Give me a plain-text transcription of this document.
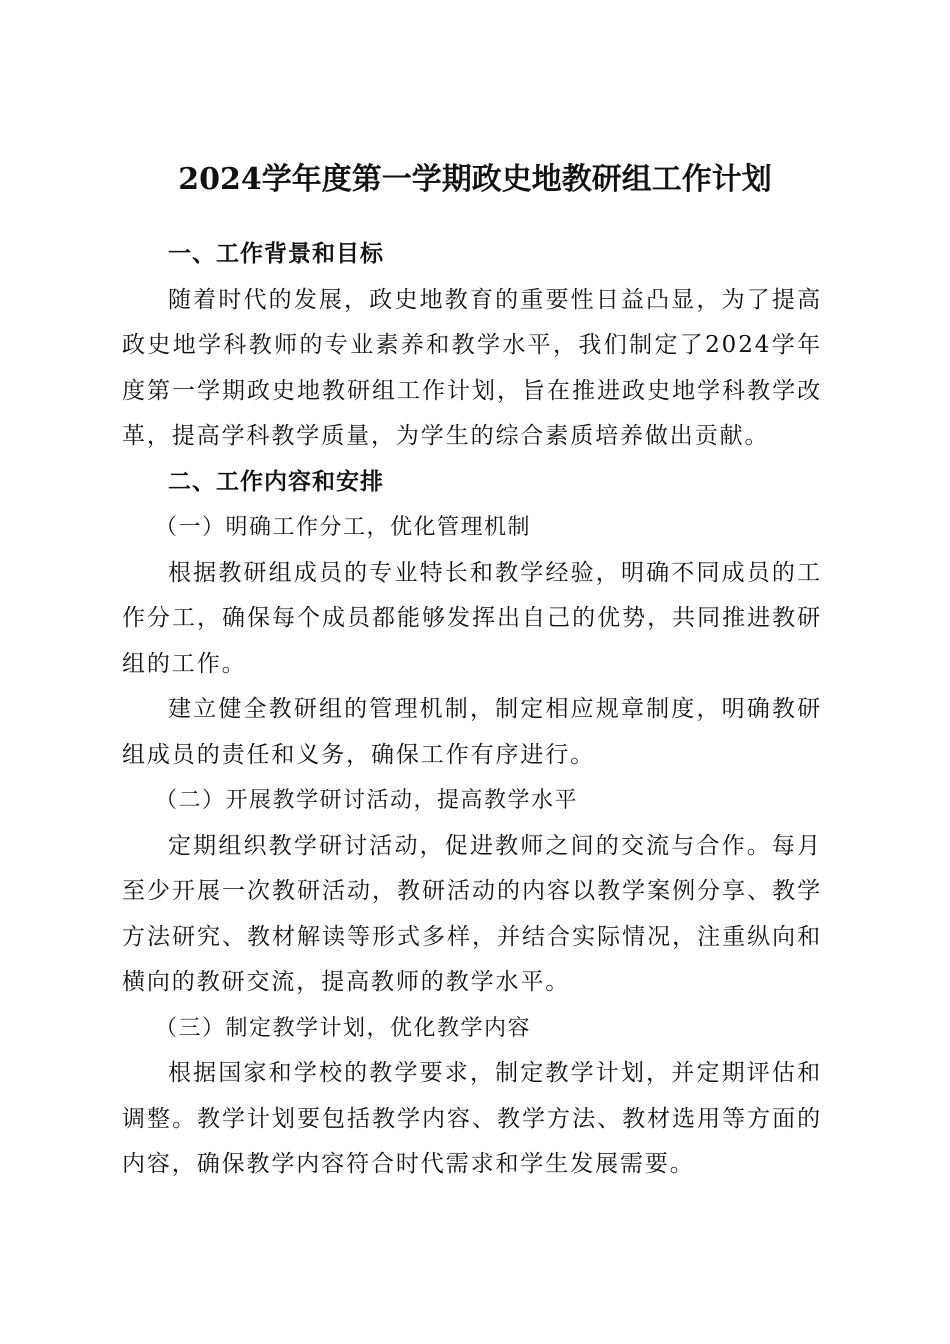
2024学年度第一学期政史地教研组工作计划
一、工作背景和目标

随着时代的发展，政史地教育的重要性日益凸显，为了提高政史地学科教师的专业素养和教学水平，我们制定了2024学年度第一学期政史地教研组工作计划，旨在推进政史地学科教学改革，提高学科教学质量，为学生的综合素质培养做出贡献。

二、工作内容和安排
（一）明确工作分工，优化管理机制

根据教研组成员的专业特长和教学经验，明确不同成员的工作分工，确保每个成员都能够发挥出自己的优势，共同推进教研组的工作。

建立健全教研组的管理机制，制定相应规章制度，明确教研组成员的责任和义务，确保工作有序进行。

（二）开展教学研讨活动，提高教学水平

定期组织教学研讨活动，促进教师之间的交流与合作。每月至少开展一次教研活动，教研活动的内容以教学案例分享、教学方法研究、教材解读等形式多样，并结合实际情况，注重纵向和横向的教研交流，提高教师的教学水平。

（三）制定教学计划，优化教学内容

根据国家和学校的教学要求，制定教学计划，并定期评估和调整。教学计划要包括教学内容、教学方法、教材选用等方面的内容，确保教学内容符合时代需求和学生发展需要。
